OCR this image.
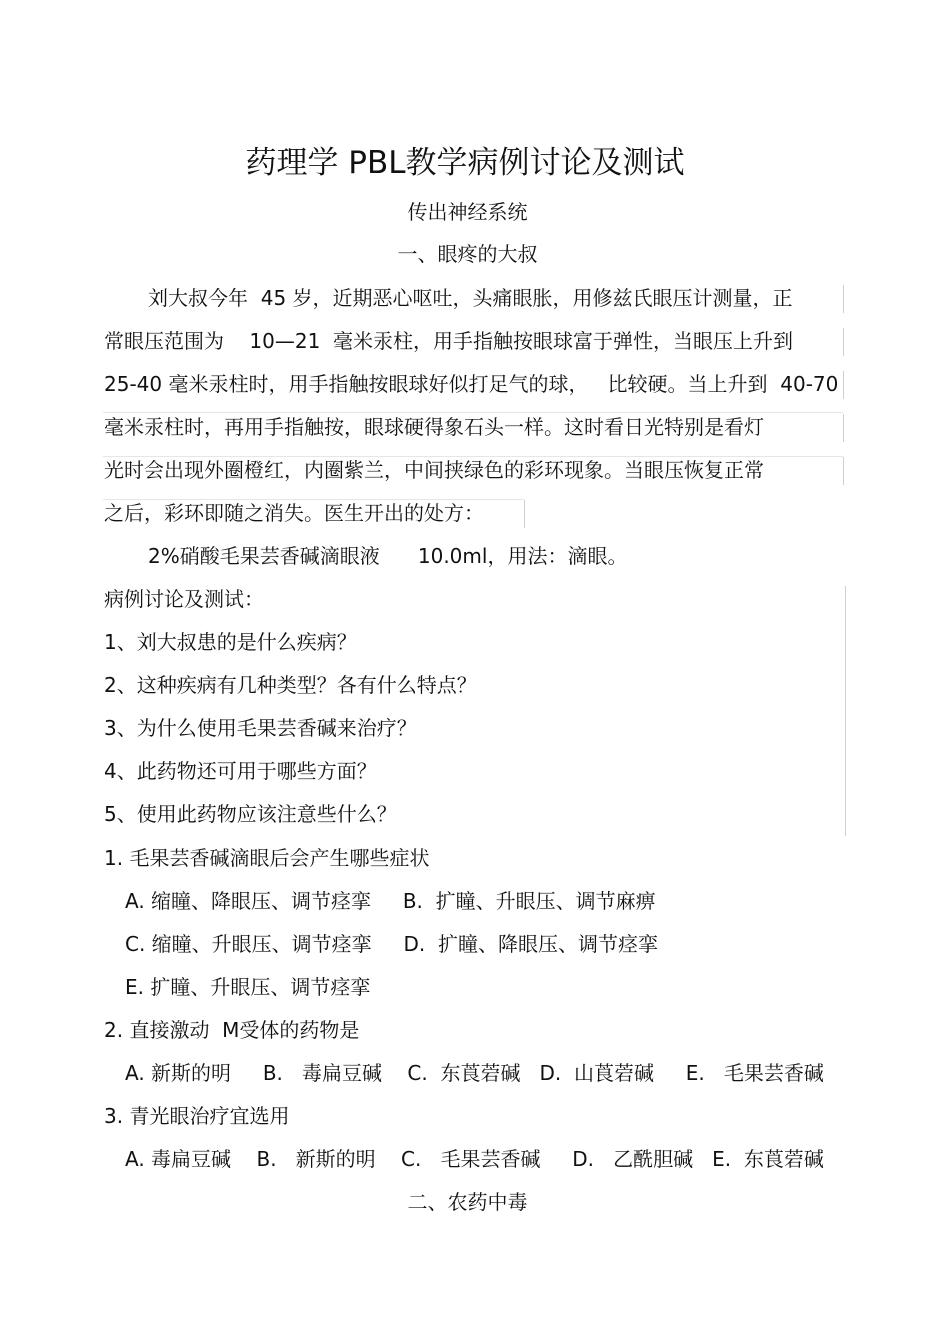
药理学 PBL教学病例讨论及测试
传出神经系统
一、眼疼的大叔
刘大叔今年  45 岁，近期恶心呕吐，头痛眼胀，用修兹氏眼压计测量，正
常眼压范围为    10—21  毫米汞柱，用手指触按眼球富于弹性，当眼压上升到
25-40 毫米汞柱时，用手指触按眼球好似打足气的球，   比较硬。当上升到  40-70
毫米汞柱时，再用手指触按，眼球硬得象石头一样。这时看日光特别是看灯
光时会出现外圈橙红，内圈紫兰，中间挟绿色的彩环现象。当眼压恢复正常
之后，彩环即随之消失。医生开出的处方：
2%硝酸毛果芸香碱滴眼液      10.0ml，用法：滴眼。
病例讨论及测试：
1、刘大叔患的是什么疾病？
2、这种疾病有几种类型？各有什么特点？
3、为什么使用毛果芸香碱来治疗？
4、此药物还可用于哪些方面？
5、使用此药物应该注意些什么？
1. 毛果芸香碱滴眼后会产生哪些症状
A. 缩瞳、降眼压、调节痉挛     B.  扩瞳、升眼压、调节麻痹
C. 缩瞳、升眼压、调节痉挛     D.  扩瞳、降眼压、调节痉挛
E. 扩瞳、升眼压、调节痉挛
2. 直接激动  M受体的药物是
A. 新斯的明     B.   毒扁豆碱    C.  东莨菪碱   D.  山莨菪碱     E.   毛果芸香碱
3. 青光眼治疗宜选用
A. 毒扁豆碱    B.   新斯的明    C.   毛果芸香碱     D.   乙酰胆碱   E.  东莨菪碱
二、农药中毒
